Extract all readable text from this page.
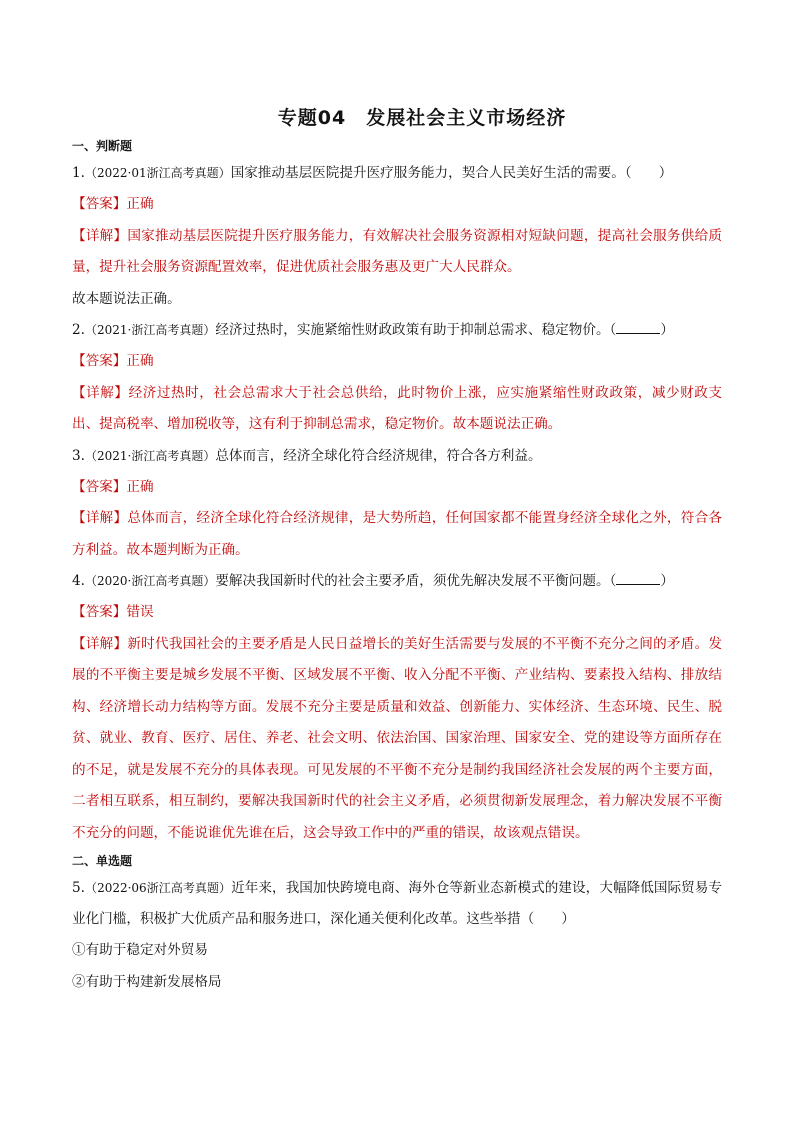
专题04　发展社会主义市场经济
一、判断题

1.（2022·01浙江高考真题）国家推动基层医院提升医疗服务能力，契合人民美好生活的需要。（　　）

【答案】正确

【详解】国家推动基层医院提升医疗服务能力，有效解决社会服务资源相对短缺问题，提高社会服务供给质量，提升社会服务资源配置效率，促进优质社会服务惠及更广大人民群众。

故本题说法正确。

2.（2021·浙江高考真题）经济过热时，实施紧缩性财政政策有助于抑制总需求、稳定物价。（	）

【答案】正确

【详解】经济过热时，社会总需求大于社会总供给，此时物价上涨，应实施紧缩性财政政策，减少财政支出、提高税率、增加税收等，这有利于抑制总需求，稳定物价。故本题说法正确。

3.（2021·浙江高考真题）总体而言，经济全球化符合经济规律，符合各方利益。

【答案】正确

【详解】总体而言，经济全球化符合经济规律，是大势所趋，任何国家都不能置身经济全球化之外，符合各方利益。故本题判断为正确。

4.（2020·浙江高考真题）要解决我国新时代的社会主要矛盾，须优先解决发展不平衡问题。（	）

【答案】错误

【详解】新时代我国社会的主要矛盾是人民日益增长的美好生活需要与发展的不平衡不充分之间的矛盾。发展的不平衡主要是城乡发展不平衡、区域发展不平衡、收入分配不平衡、产业结构、要素投入结构、排放结构、经济增长动力结构等方面。发展不充分主要是质量和效益、创新能力、实体经济、生态环境、民生、脱贫、就业、教育、医疗、居住、养老、社会文明、依法治国、国家治理、国家安全、党的建设等方面所存在的不足，就是发展不充分的具体表现。可见发展的不平衡不充分是制约我国经济社会发展的两个主要方面，二者相互联系，相互制约，要解决我国新时代的社会主义矛盾，必须贯彻新发展理念，着力解决发展不平衡不充分的问题，不能说谁优先谁在后，这会导致工作中的严重的错误，故该观点错误。

二、单选题

5.（2022·06浙江高考真题）近年来，我国加快跨境电商、海外仓等新业态新模式的建设，大幅降低国际贸易专业化门槛，积极扩大优质产品和服务进口，深化通关便利化改革。这些举措（　　）

①有助于稳定对外贸易

②有助于构建新发展格局
